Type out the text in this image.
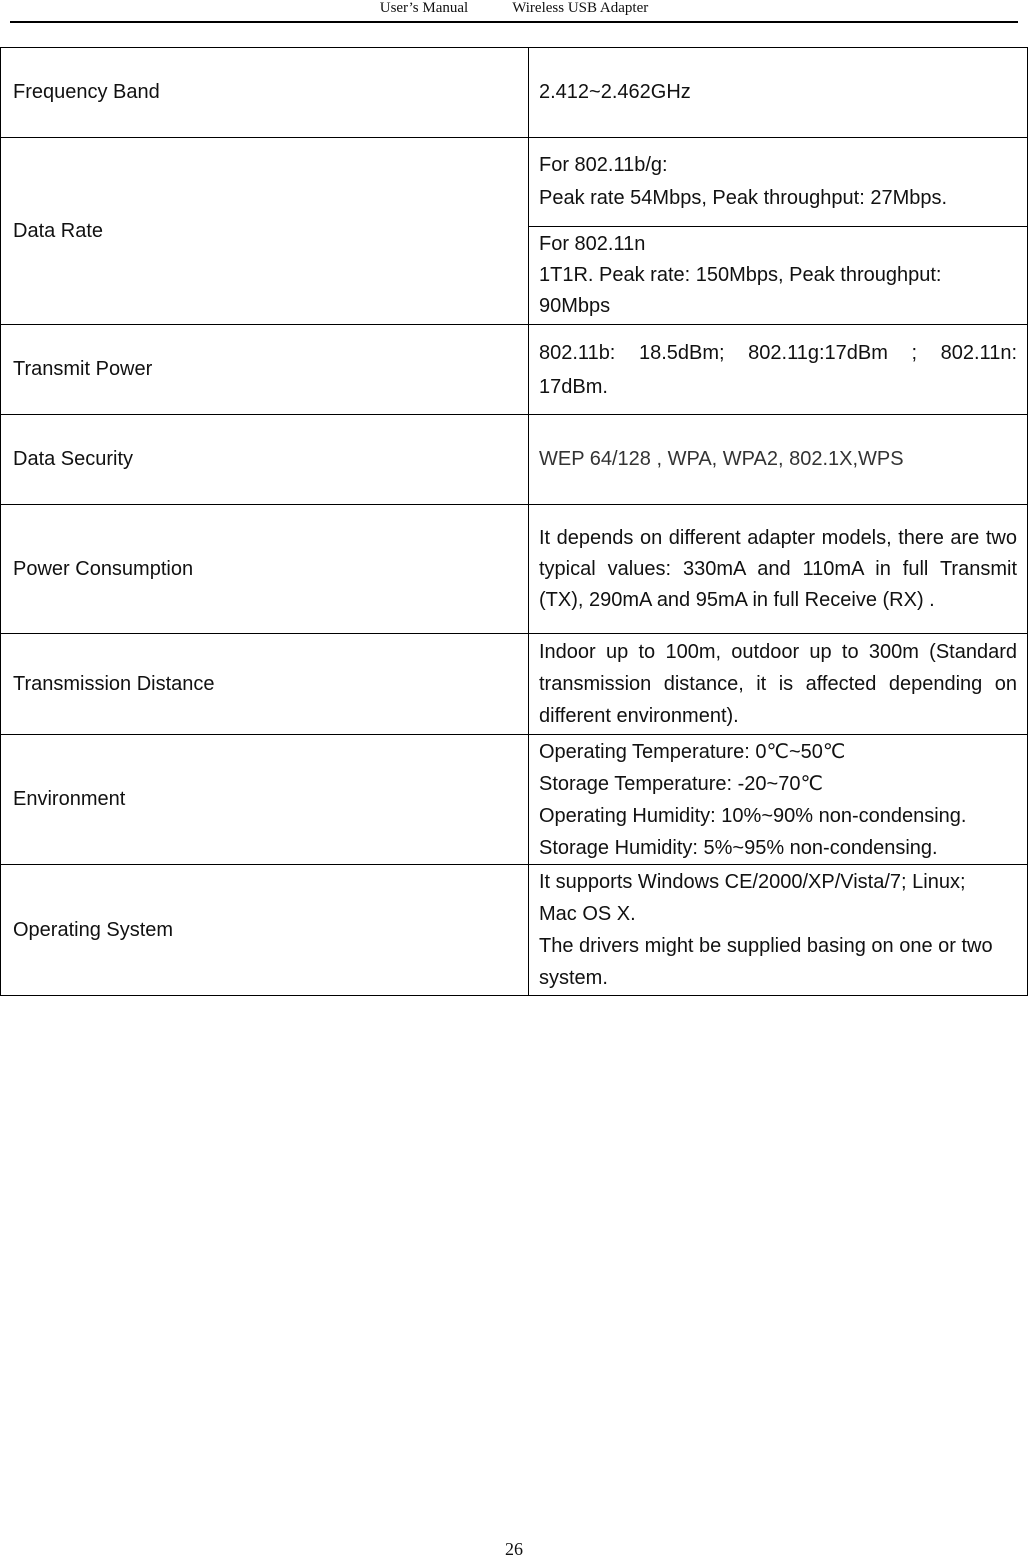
User’s Manual	Wireless USB Adapter
Frequency Band	2.412~2.462GHz

Data Rate	For 802.11b/g:
Peak rate 54Mbps, Peak throughput: 27Mbps.

	For 802.11n
1T1R. Peak rate: 150Mbps, Peak throughput:
90Mbps

Transmit Power	802.11b: 18.5dBm; 802.11g:17dBm ; 802.11n:
17dBm.

Data Security	WEP 64/128 , WPA, WPA2, 802.1X,WPS

Power Consumption	It depends on different adapter models, there are two typical values: 330mA and 110mA in full Transmit (TX), 290mA and 95mA in full Receive (RX) .
Transmission Distance	Indoor up to 100m, outdoor up to 300m (Standard transmission distance, it is affected depending on different environment).
Environment	Operating Temperature: 0℃~50℃
Storage Temperature: -20~70℃
Operating Humidity: 10%~90% non-condensing.
Storage Humidity: 5%~95% non-condensing.

Operating System	It supports Windows CE/2000/XP/Vista/7; Linux;
Mac OS X.
The drivers might be supplied basing on one or two system.
26
